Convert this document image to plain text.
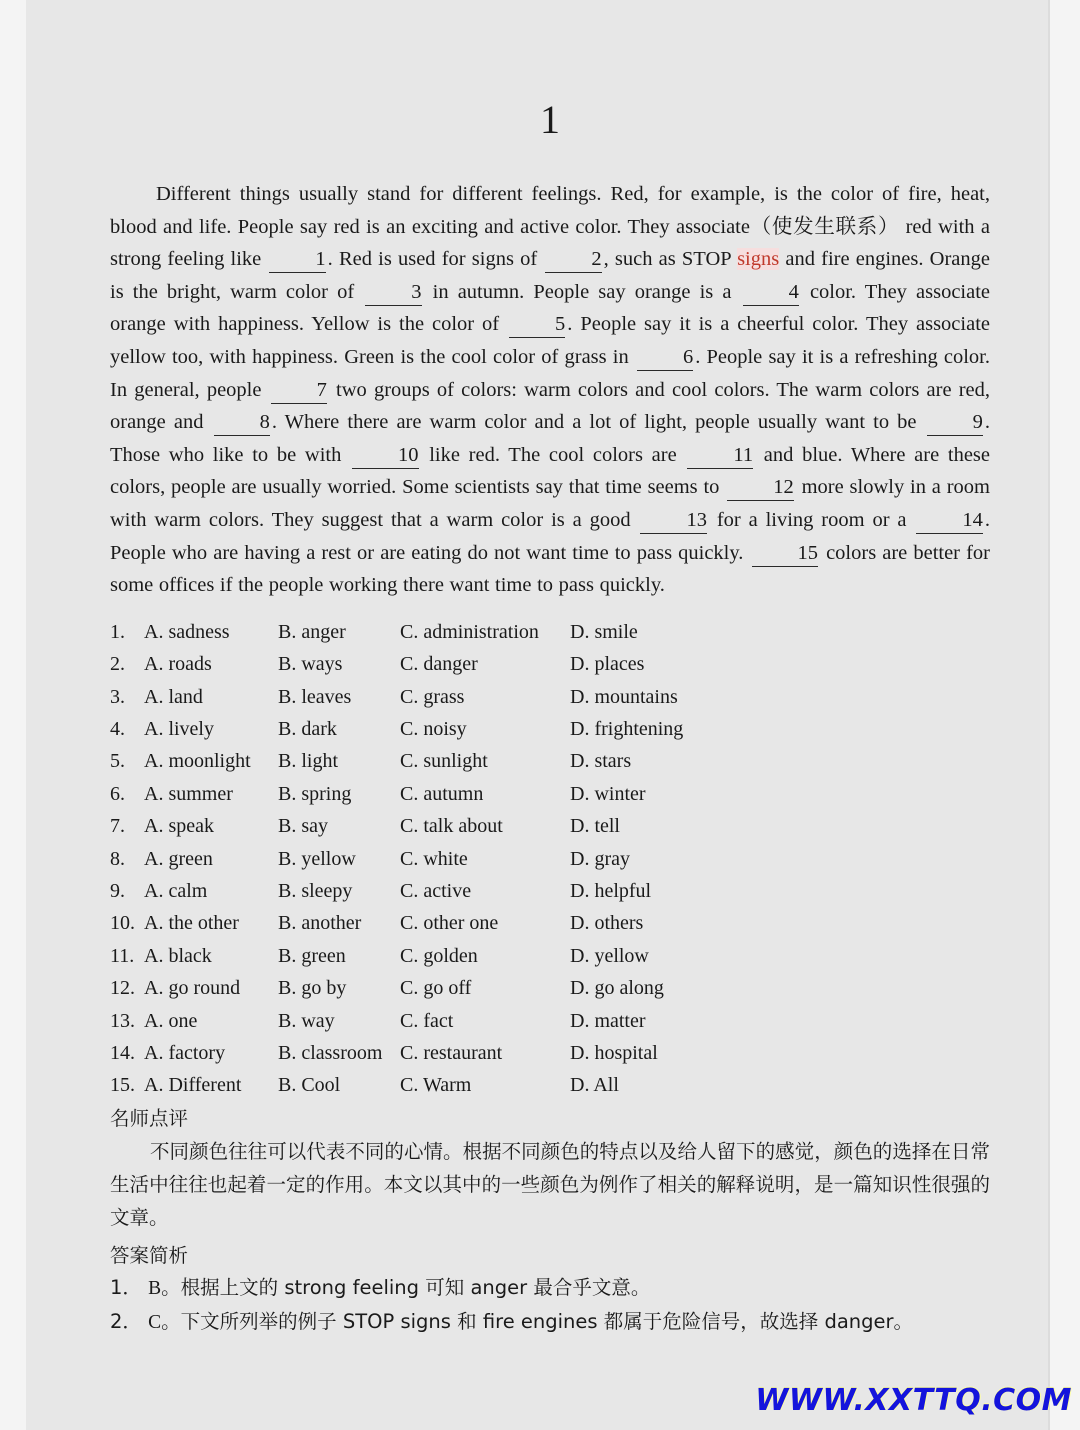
1
Different things usually stand for different feelings. Red, for example, is the color of fire, heat, blood and life. People say red is an exciting and active color. They associate（使发生联系） red with a strong feeling like 1. Red is used for signs of 2, such as STOP signs and fire engines. Orange is the bright, warm color of 3 in autumn. People say orange is a 4 color. They associate orange with happiness. Yellow is the color of 5. People say it is a cheerful color. They associate yellow too, with happiness. Green is the cool color of grass in 6. People say it is a refreshing color. In general, people 7 two groups of colors: warm colors and cool colors. The warm colors are red, orange and 8. Where there are warm color and a lot of light, people usually want to be 9. Those who like to be with 10 like red. The cool colors are 11 and blue. Where are these colors, people are usually worried. Some scientists say that time seems to 12 more slowly in a room with warm colors. They suggest that a warm color is a good 13 for a living room or a 14. People who are having a rest or are eating do not want time to pass quickly. 15 colors are better for some offices if the people working there want time to pass quickly.
1. A. sadness	B. anger	C. administration	D. smile
2. A. roads	B. ways	C. danger	D. places
3. A. land	B. leaves	C. grass	D. mountains
4. A. lively	B. dark	C. noisy	D. frightening
5. A. moonlight	B. light	C. sunlight	D. stars
6. A. summer	B. spring	C. autumn	D. winter
7. A. speak	B. say	C. talk about	D. tell
8. A. green	B. yellow	C. white	D. gray
9. A. calm	B. sleepy	C. active	D. helpful
10. A. the other	B. another	C. other one	D. others
11. A. black	B. green	C. golden	D. yellow
12. A. go round	B. go by	C. go off	D. go along
13. A. one	B. way	C. fact	D. matter
14. A. factory	B. classroom C. restaurant	D. hospital
15. A. Different	B. Cool	C. Warm	D. All
名师点评
不同颜色往往可以代表不同的心情。根据不同颜色的特点以及给人留下的感觉，颜色的选择在日常生活中往往也起着一定的作用。本文以其中的一些颜色为例作了相关的解释说明，是一篇知识性很强的文章。
答案简析
1． B。根据上文的 strong feeling 可知 anger 最合乎文意。
2． C。下文所列举的例子 STOP signs 和 fire engines 都属于危险信号，故选择 danger。
WWW.XXTTQ.COM
